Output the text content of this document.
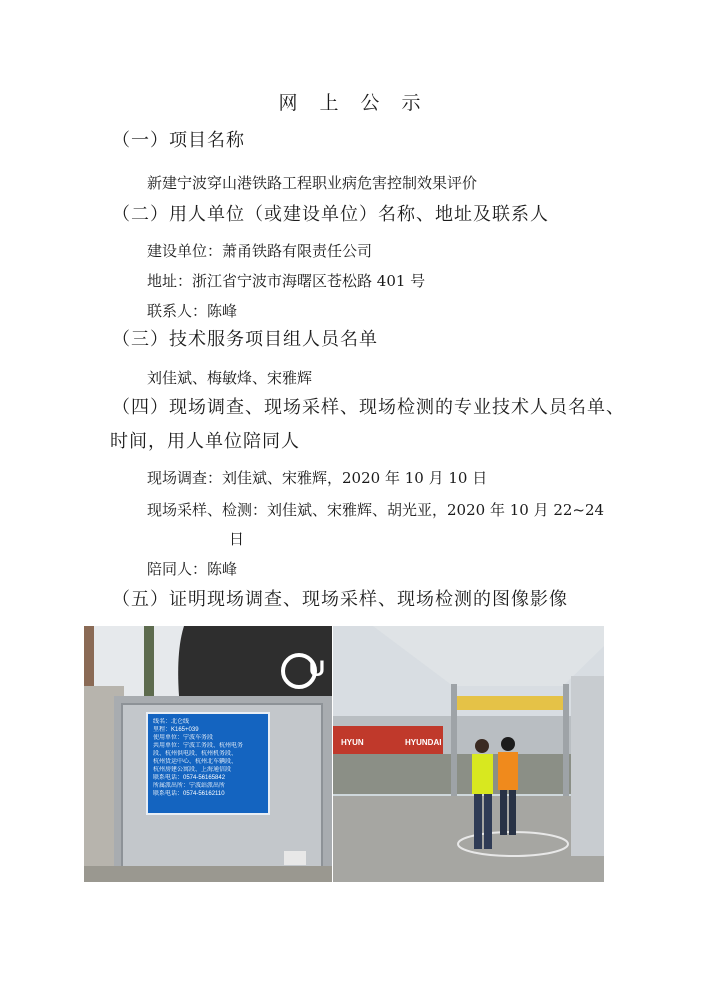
网 上 公 示
（一）项目名称
新建宁波穿山港铁路工程职业病危害控制效果评价
（二）用人单位（或建设单位）名称、地址及联系人
建设单位：萧甬铁路有限责任公司
地址：浙江省宁波市海曙区苍松路 401 号
联系人：陈峰
（三）技术服务项目组人员名单
刘佳斌、梅敏烽、宋雅辉
（四）现场调查、现场采样、现场检测的专业技术人员名单、
时间，用人单位陪同人
现场调查：刘佳斌、宋雅辉，2020 年 10 月 10 日
现场采样、检测：刘佳斌、宋雅辉、胡光亚，2020 年 10 月 22~24
日
陪同人：陈峰
（五）证明现场调查、现场采样、现场检测的图像影像
线名：北仑线
里程：K165+039
使用单位：宁波车务段
共用单位：宁波工务段、杭州电务
段、杭州供电段、杭州机务段、
杭州货运中心、杭州北车辆段、
杭州房建公寓段、上海通信段
联系电话：0574-56165842
所属派出所：宁波站派出所
联系电话：0574-56162110
U
HYUN	HYUNDAI
